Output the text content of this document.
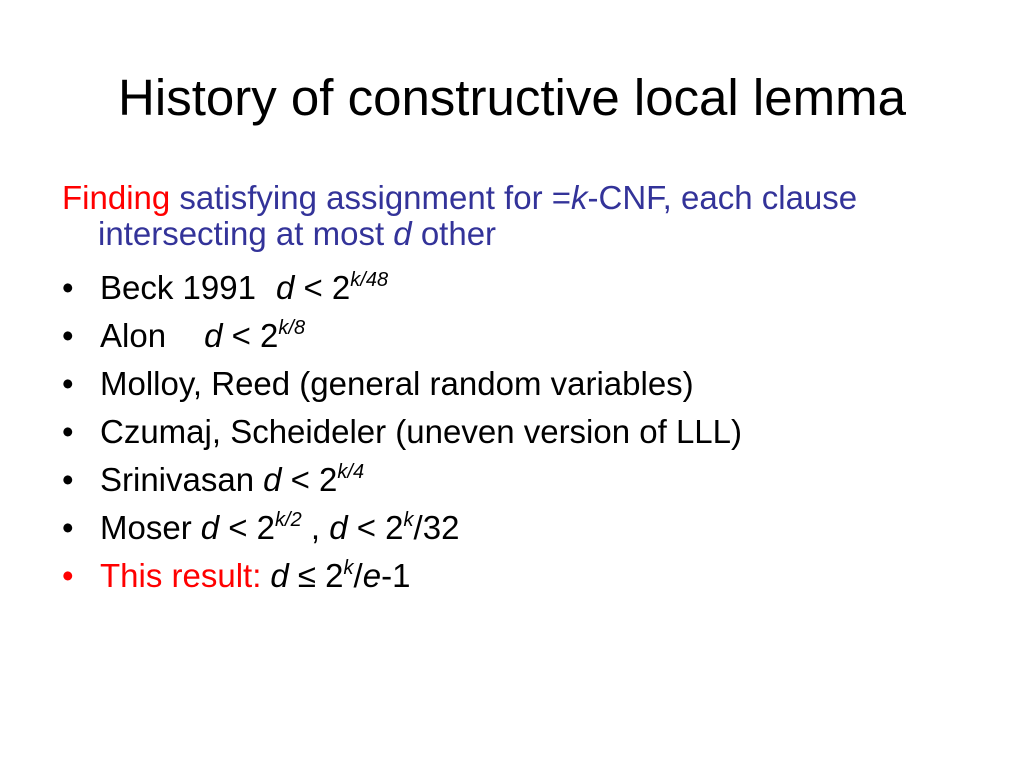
History of constructive local lemma
Finding satisfying assignment for =k-CNF, each clause intersecting at most d other
• Beck 1991 $d < 2^{k/48}$
• Alon $d < 2^{k/8}$
• Molloy, Reed (general random variables)
• Czumaj, Scheideler (uneven version of LLL)
• Srinivasan $d < 2^{k/4}$
• Moser $d < 2^{k/2}$ , $d < 2^k/32$
• This result: $d \le 2^k/e-1$
